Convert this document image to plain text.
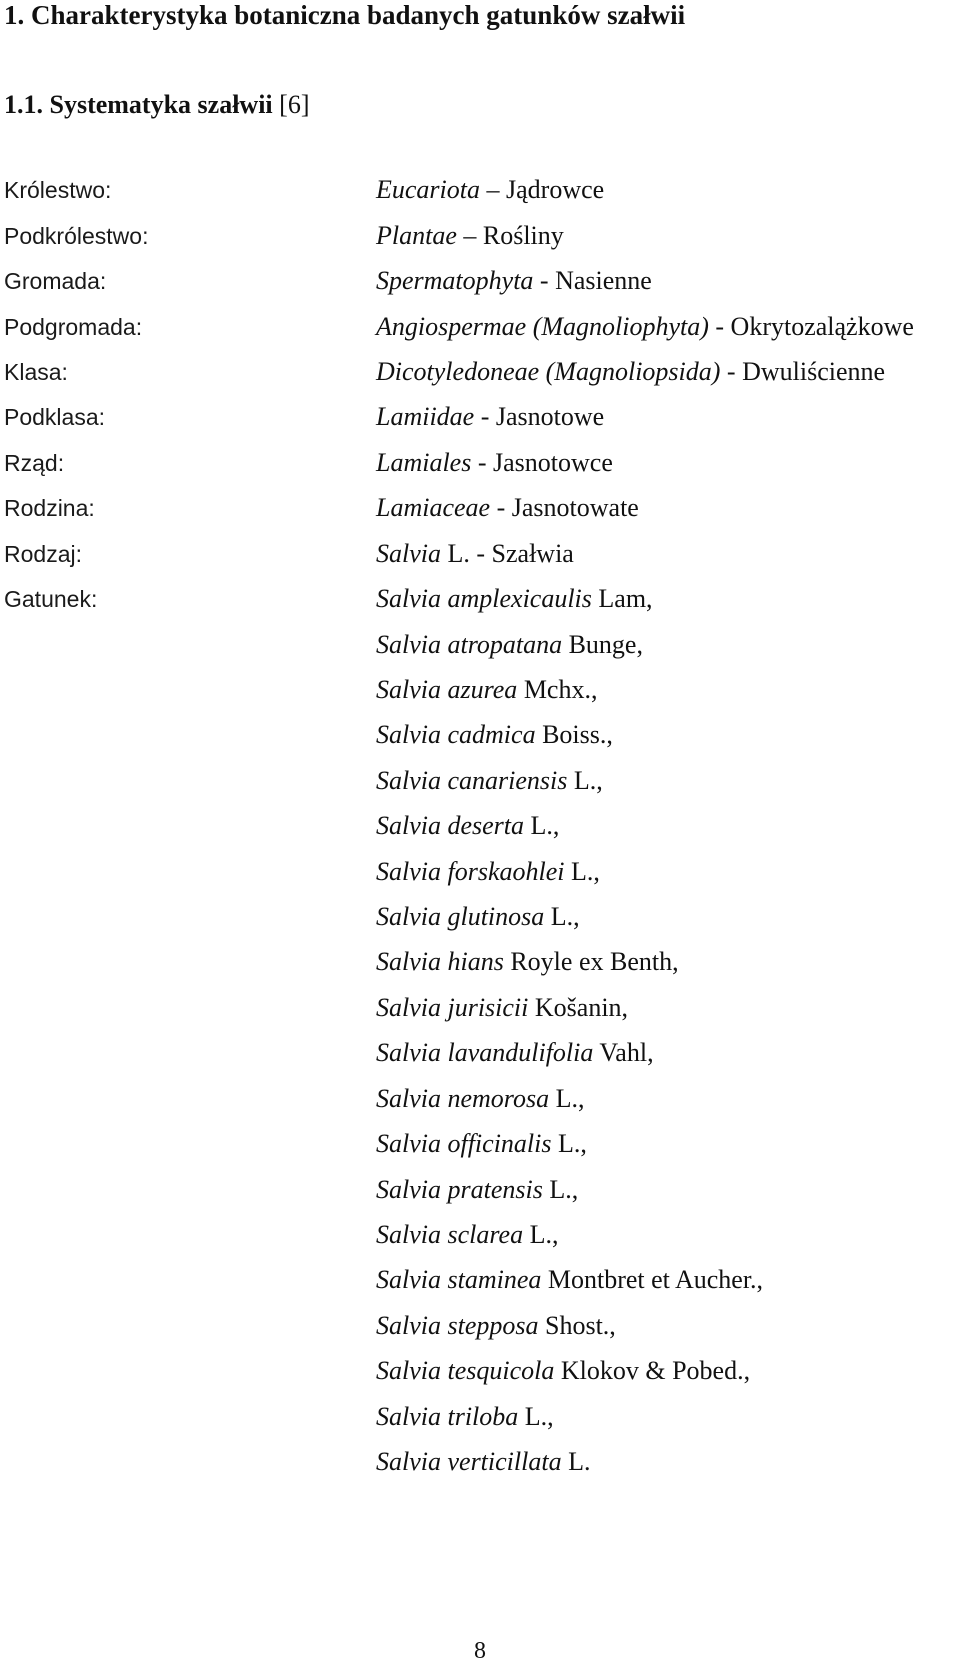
1. Charakterystyka botaniczna badanych gatunków szałwii
1.1. Systematyka szałwii [6]
Królestwo:	Eucariota – Jądrowce
Podkrólestwo:	Plantae – Rośliny
Gromada:	Spermatophyta - Nasienne
Podgromada:	Angiospermae (Magnoliophyta) - Okrytozalążkowe
Klasa:	Dicotyledoneae (Magnoliopsida) - Dwuliścienne
Podklasa:	Lamiidae - Jasnotowe
Rząd:	Lamiales - Jasnotowce
Rodzina:	Lamiaceae - Jasnotowate
Rodzaj:	Salvia L. - Szałwia
Gatunek:	Salvia amplexicaulis Lam,
Salvia atropatana Bunge,
Salvia azurea Mchx.,
Salvia cadmica Boiss.,
Salvia canariensis L.,
Salvia deserta L.,
Salvia forskaohlei L.,
Salvia glutinosa L.,
Salvia hians Royle ex Benth,
Salvia jurisicii Košanin,
Salvia lavandulifolia Vahl,
Salvia nemorosa L.,
Salvia officinalis L.,
Salvia pratensis L.,
Salvia sclarea L.,
Salvia staminea Montbret et Aucher.,
Salvia stepposa Shost.,
Salvia tesquicola Klokov & Pobed.,
Salvia triloba L.,
Salvia verticillata L.
8
